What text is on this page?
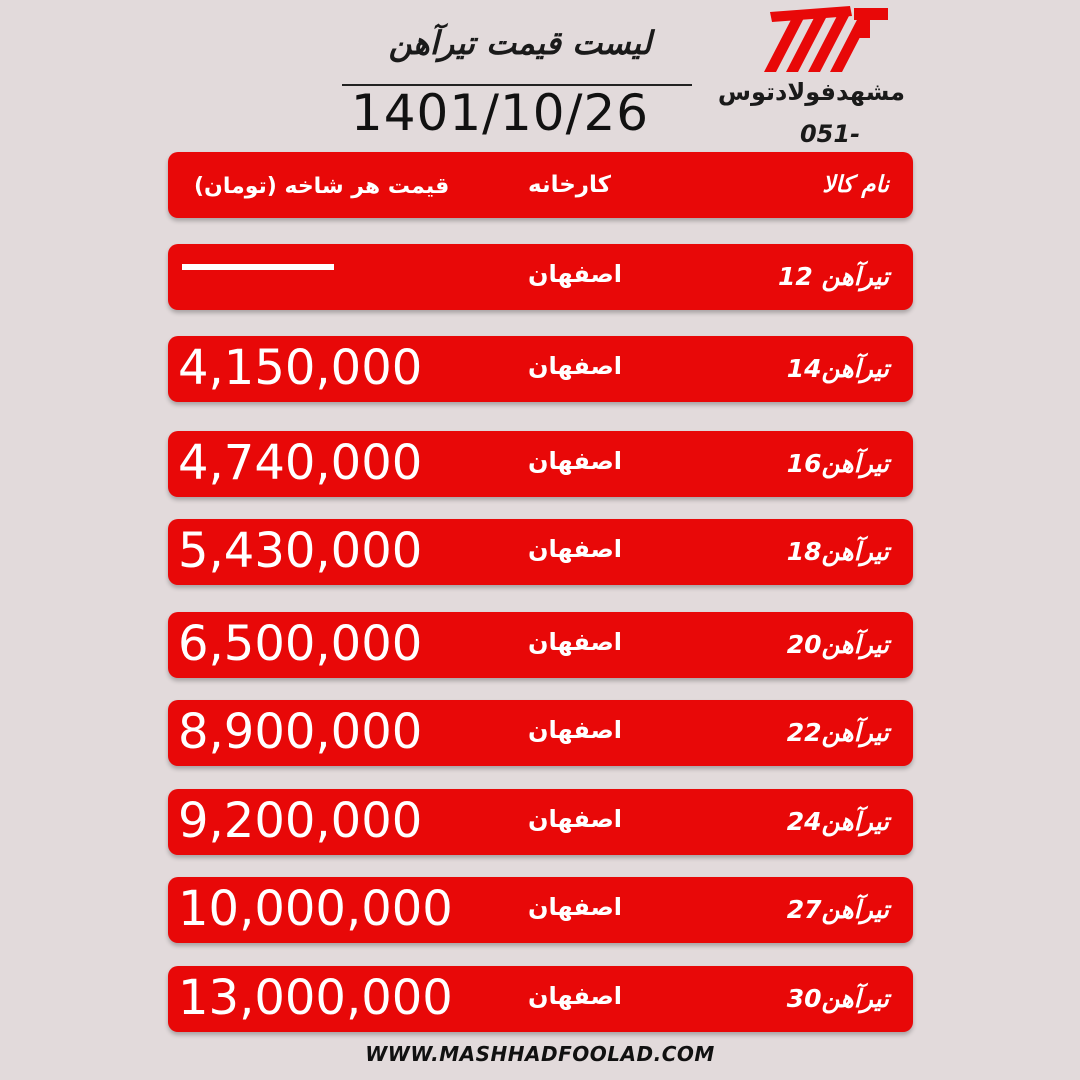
لیست قیمت تیرآهن
1401/10/26	مشهدفولادتوس
051-
نام کالا
کارخانه
قیمت هر شاخه (تومان)
تیرآهن 12
اصفهان
تیرآهن14
اصفهان
4,150,000
تیرآهن16
اصفهان
4,740,000
تیرآهن18
اصفهان
5,430,000
تیرآهن20
اصفهان
6,500,000
تیرآهن22
اصفهان
8,900,000
تیرآهن24
اصفهان
9,200,000
تیرآهن27
اصفهان
10,000,000
تیرآهن30
اصفهان
13,000,000
WWW.MASHHADFOOLAD.COM
